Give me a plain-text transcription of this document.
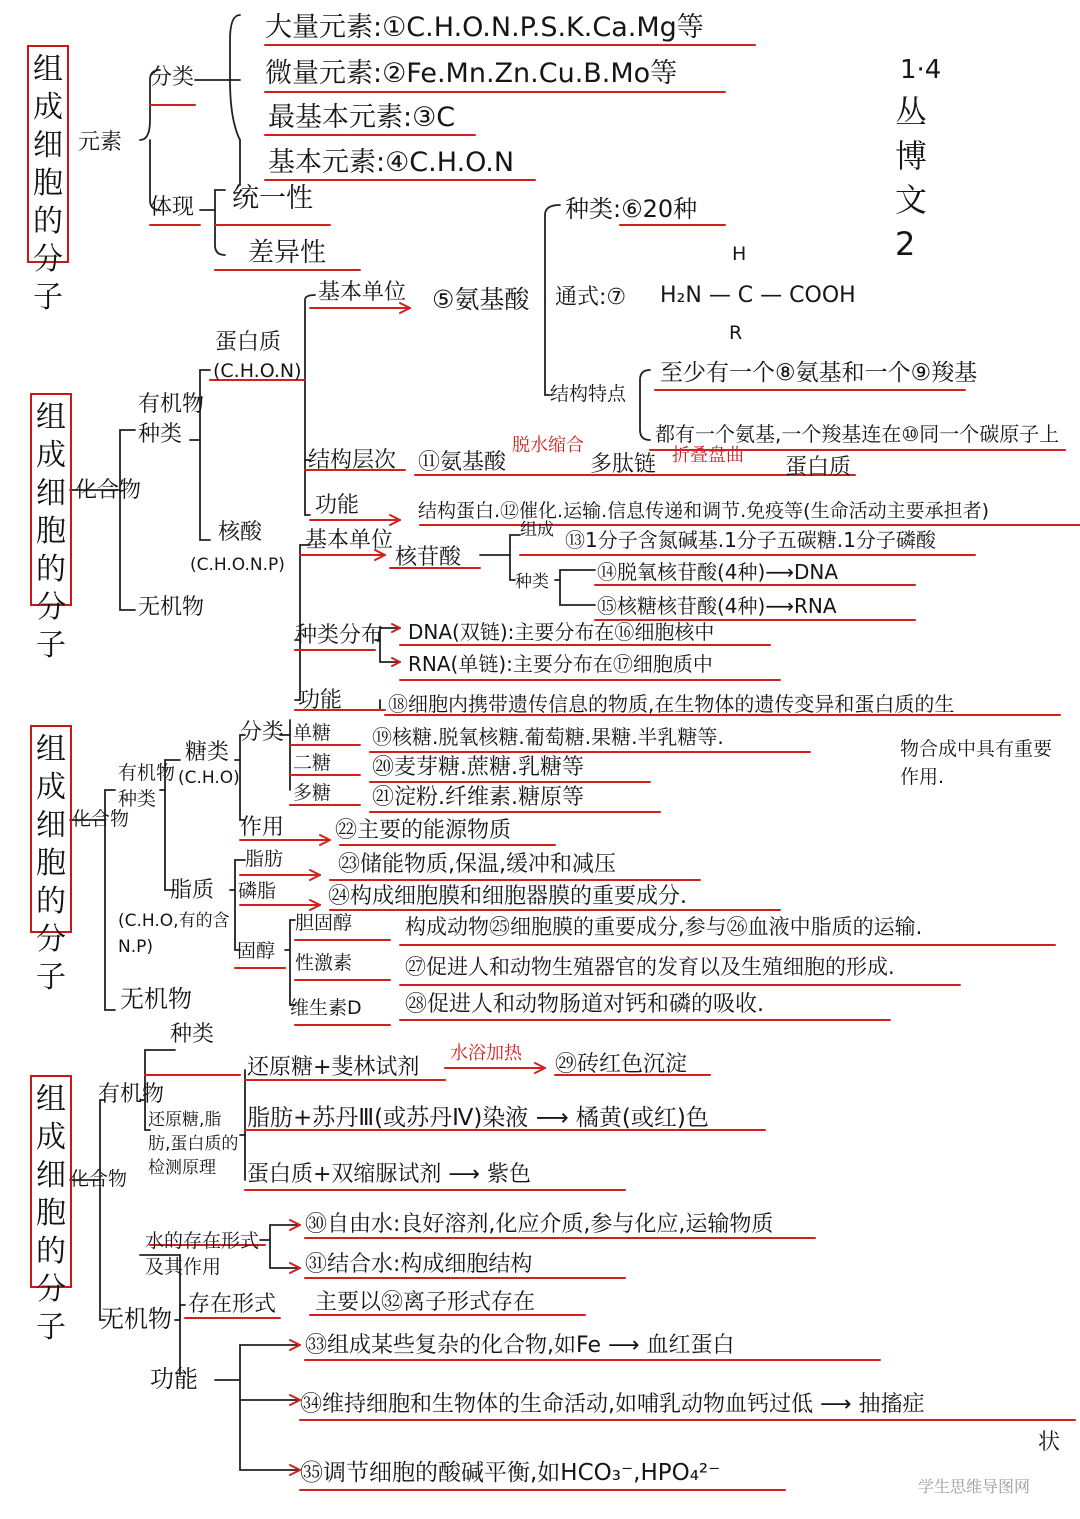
1·4
丛博文2
组成细胞的分子
元素
分类
大量元素:①C.H.O.N.P.S.K.Ca.Mg等
微量元素:②Fe.Mn.Zn.Cu.B.Mo等
最基本元素:③C
基本元素:④C.H.O.N
体现 统一性
差异性
组成细胞的分子
化合物
有机物种类
无机物
蛋白质
(C.H.O.N)
基本单位 ⑤氨基酸
种类:⑥20种
通式:⑦
H
H₂N — C — COOH
R
结构特点
至少有一个⑧氨基和一个⑨羧基
都有一个氨基,一个羧基连在⑩同一个碳原子上
结构层次 ⑪氨基酸
脱水缩合
多肽链 折叠盘曲 蛋白质
功能	结构蛋白.⑫催化.运输.信息传递和调节.免疫等(生命活动主要承担者)
核酸
(C.H.O.N.P)
基本单位
核苷酸
组成 ⑬1分子含氮碱基.1分子五碳糖.1分子磷酸
种类 ⑭脱氧核苷酸(4种)⟶DNA
⑮核糖核苷酸(4种)⟶RNA
种类分布 DNA(双链):主要分布在⑯细胞核中
RNA(单链):主要分布在⑰细胞质中
功能 ⑱细胞内携带遗传信息的物质,在生物体的遗传变异和蛋白质的生
物合成中具有重要作用.
组成细胞的分子
化合物
有机物种类
无机物
糖类
(C.H.O)
分类 单糖 ⑲核糖.脱氧核糖.葡萄糖.果糖.半乳糖等.
二糖 ⑳麦芽糖.蔗糖.乳糖等
多糖 ㉑淀粉.纤维素.糖原等
作用 ㉒主要的能源物质
脂质
(C.H.O,有的含N.P)
脂肪 ㉓储能物质,保温,缓冲和减压
磷脂 ㉔构成细胞膜和细胞器膜的重要成分.
固醇
胆固醇	构成动物㉕细胞膜的重要成分,参与㉖血液中脂质的运输.
性激素	㉗促进人和动物生殖器官的发育以及生殖细胞的形成.
维生素D ㉘促进人和动物肠道对钙和磷的吸收.
组成细胞的分子
化合物
有机物
种类
还原糖,脂肪,蛋白质的检测原理
还原糖+斐林试剂
水浴加热 ㉙砖红色沉淀
脂肪+苏丹Ⅲ(或苏丹Ⅳ)染液 ⟶ 橘黄(或红)色
蛋白质+双缩脲试剂 ⟶ 紫色
无机物
水的存在形式及其作用
㉚自由水:良好溶剂,化应介质,参与化应,运输物质
㉛结合水:构成细胞结构
存在形式 主要以㉜离子形式存在
功能
㉝组成某些复杂的化合物,如Fe ⟶ 血红蛋白
㉞维持细胞和生物体的生命活动,如哺乳动物血钙过低 ⟶ 抽搐症
状
㉟调节细胞的酸碱平衡,如HCO₃⁻,HPO₄²⁻
学生思维导图网
